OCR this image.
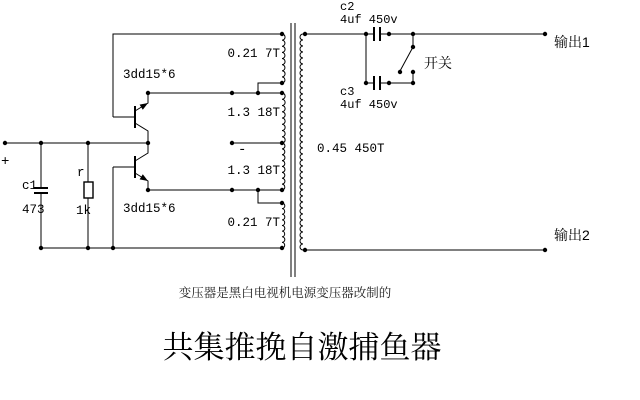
+
c1
473
r
1k
3dd15*6
3dd15*6
0.21 7T
1.3 18T
-
1.3 18T
0.21 7T
0.45 450T
c2
4uf 450v
c3
4uf 450v
开关
输出1
输出2
变压器是黑白电视机电源变压器改制的
共集推挽自激捕鱼器
